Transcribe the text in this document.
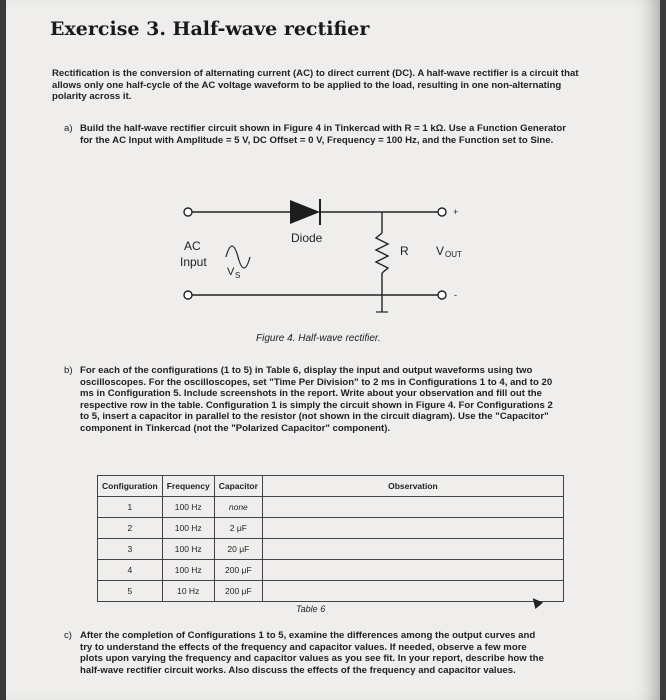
Exercise 3. Half-wave rectifier
Rectification is the conversion of alternating current (AC) to direct current (DC). A half-wave rectifier is a circuit that allows only one half-cycle of the AC voltage waveform to be applied to the load, resulting in one non-alternating polarity across it.
a) Build the half-wave rectifier circuit shown in Figure 4 in Tinkercad with R = 1 kΩ. Use a Function Generator for the AC Input with Amplitude = 5 V, DC Offset = 0 V, Frequency = 100 Hz, and the Function set to Sine.
AC
Input
V S
Diode
R V OUT
+
-
Figure 4. Half-wave rectifier.
b) For each of the configurations (1 to 5) in Table 6, display the input and output waveforms using two oscilloscopes. For the oscilloscopes, set "Time Per Division" to 2 ms in Configurations 1 to 4, and to 20 ms in Configuration 5. Include screenshots in the report. Write about your observation and fill out the respective row in the table. Configuration 1 is simply the circuit shown in Figure 4. For Configurations 2 to 5, insert a capacitor in parallel to the resistor (not shown in the circuit diagram). Use the "Capacitor" component in Tinkercad (not the "Polarized Capacitor" component).
Configuration	Frequency	Capacitor	Observation
1	100 Hz	none	
2	100 Hz	2 μF	
3	100 Hz	20 μF	
4	100 Hz	200 μF	
5	10 Hz	200 μF	
Table 6
c) After the completion of Configurations 1 to 5, examine the differences among the output curves and try to understand the effects of the frequency and capacitor values. If needed, observe a few more plots upon varying the frequency and capacitor values as you see fit. In your report, describe how the half-wave rectifier circuit works. Also discuss the effects of the frequency and capacitor values.
